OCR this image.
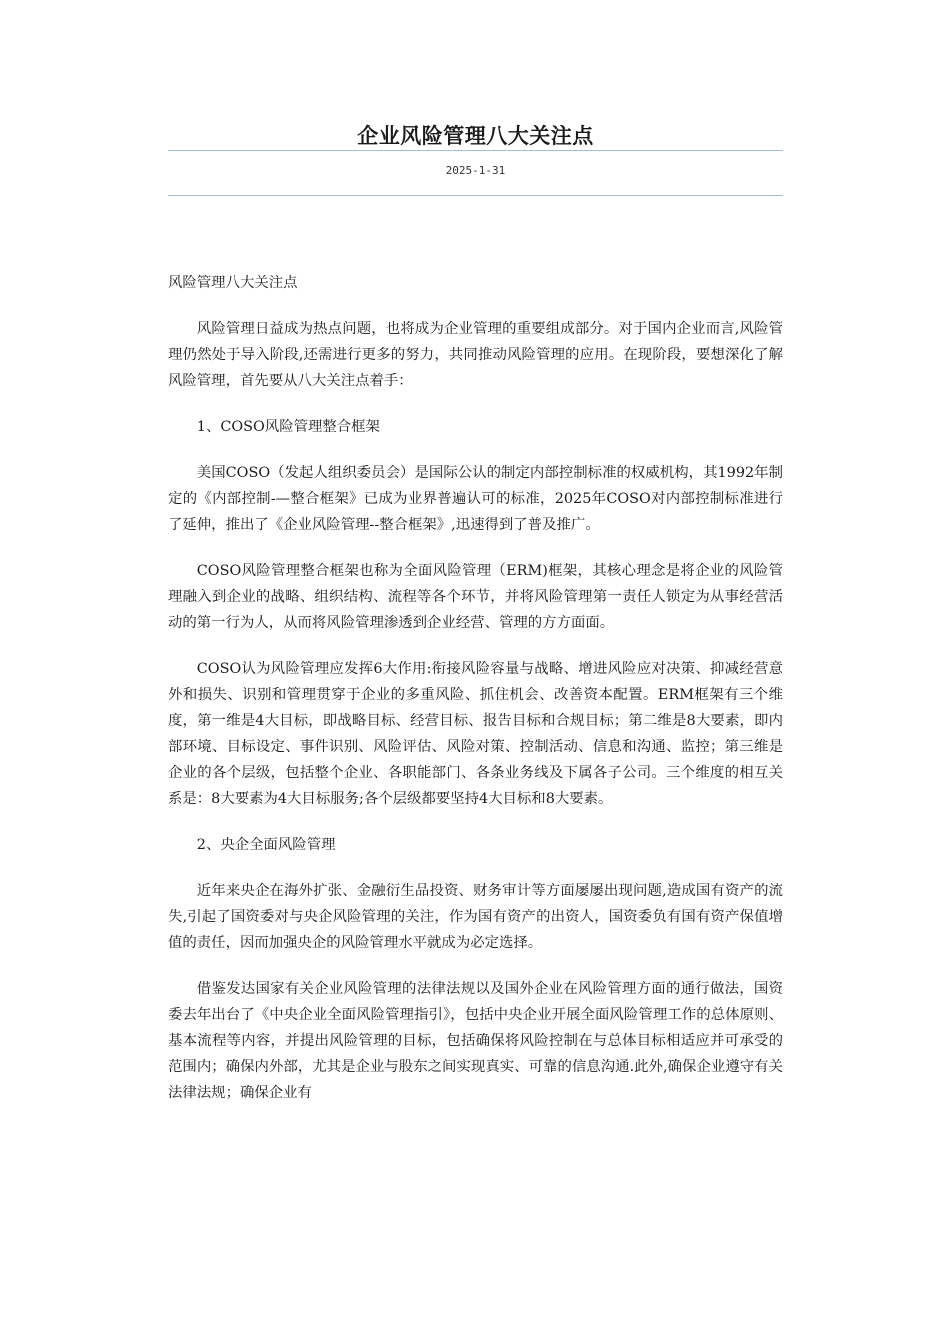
企业风险管理八大关注点
2025-1-31

风险管理八大关注点

风险管理日益成为热点问题，也将成为企业管理的重要组成部分。对于国内企业而言,风险管理仍然处于导入阶段,还需进行更多的努力，共同推动风险管理的应用。在现阶段，要想深化了解风险管理，首先要从八大关注点着手：

1、COSO风险管理整合框架

美国COSO（发起人组织委员会）是国际公认的制定内部控制标准的权威机构，其1992年制定的《内部控制-—整合框架》已成为业界普遍认可的标准，2025年COSO对内部控制标准进行了延伸，推出了《企业风险管理--整合框架》,迅速得到了普及推广。

COSO风险管理整合框架也称为全面风险管理（ERM)框架，其核心理念是将企业的风险管理融入到企业的战略、组织结构、流程等各个环节，并将风险管理第一责任人锁定为从事经营活动的第一行为人，从而将风险管理渗透到企业经营、管理的方方面面。

COSO认为风险管理应发挥6大作用:衔接风险容量与战略、增进风险应对决策、抑减经营意外和损失、识别和管理贯穿于企业的多重风险、抓住机会、改善资本配置。ERM框架有三个维度，第一维是4大目标，即战略目标、经营目标、报告目标和合规目标；第二维是8大要素，即内部环境、目标设定、事件识别、风险评估、风险对策、控制活动、信息和沟通、监控；第三维是企业的各个层级，包括整个企业、各职能部门、各条业务线及下属各子公司。三个维度的相互关系是：8大要素为4大目标服务;各个层级都要坚持4大目标和8大要素。

2、央企全面风险管理

近年来央企在海外扩张、金融衍生品投资、财务审计等方面屡屡出现问题,造成国有资产的流失,引起了国资委对与央企风险管理的关注，作为国有资产的出资人，国资委负有国有资产保值增值的责任，因而加强央企的风险管理水平就成为必定选择。

借鉴发达国家有关企业风险管理的法律法规以及国外企业在风险管理方面的通行做法，国资委去年出台了《中央企业全面风险管理指引》，包括中央企业开展全面风险管理工作的总体原则、基本流程等内容，并提出风险管理的目标，包括确保将风险控制在与总体目标相适应并可承受的范围内；确保内外部，尤其是企业与股东之间实现真实、可靠的信息沟通.此外,确保企业遵守有关法律法规；确保企业有
